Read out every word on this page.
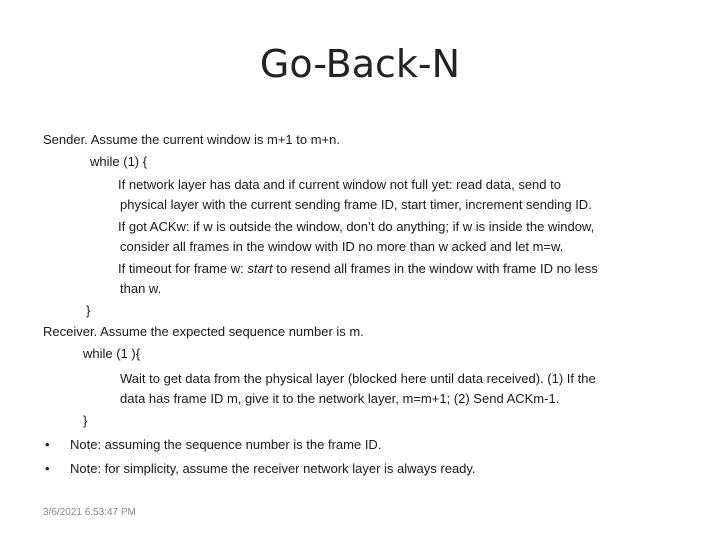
Go-Back-N
Sender. Assume the current window is m+1 to m+n.
while (1) {
If network layer has data and if current window not full yet: read data, send to
physical layer with the current sending frame ID, start timer, increment sending ID.
If got ACKw: if w is outside the window, don’t do anything; if w is inside the window,
consider all frames in the window with ID no more than w acked and let m=w.
If timeout for frame w: start to resend all frames in the window with frame ID no less
than w.
}
Receiver. Assume the expected sequence number is m.
while (1 ){
Wait to get data from the physical layer (blocked here until data received). (1) If the
data has frame ID m, give it to the network layer, m=m+1; (2) Send ACKm-1.
}
• Note: assuming the sequence number is the frame ID.
• Note: for simplicity, assume the receiver network layer is always ready.
3/6/2021 6:53:47 PM
